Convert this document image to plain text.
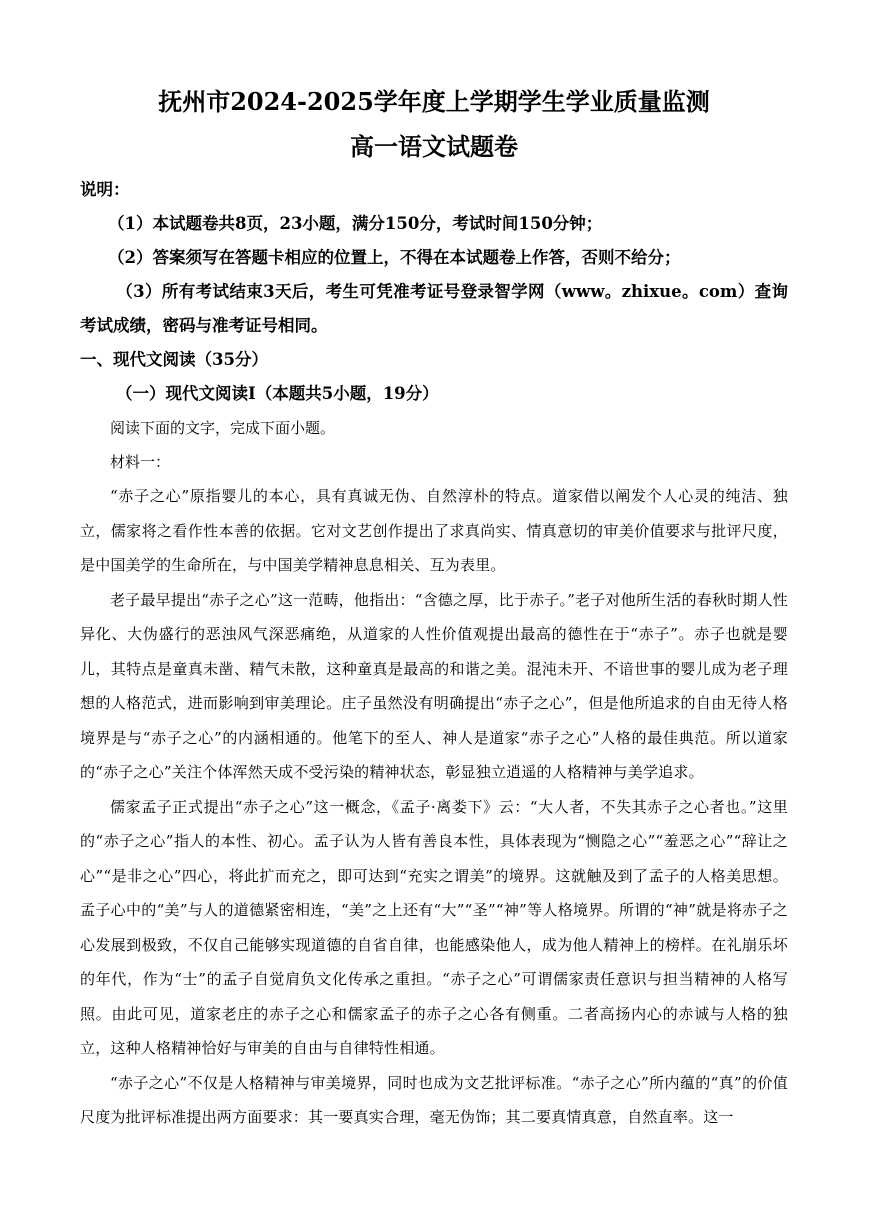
抚州市2024-2025学年度上学期学生学业质量监测
高一语文试题卷

说明：

（1）本试题卷共8页，23小题，满分150分，考试时间150分钟；

（2）答案须写在答题卡相应的位置上，不得在本试题卷上作答，否则不给分；

（3）所有考试结束3天后，考生可凭准考证号登录智学网（www。zhixue。com）查询考试成绩，密码与准考证号相同。

一、现代文阅读（35分）

（一）现代文阅读Ⅰ（本题共5小题，19分）

阅读下面的文字，完成下面小题。

材料一：

“赤子之心”原指婴儿的本心，具有真诚无伪、自然淳朴的特点。道家借以阐发个人心灵的纯洁、独立，儒家将之看作性本善的依据。它对文艺创作提出了求真尚实、情真意切的审美价值要求与批评尺度，是中国美学的生命所在，与中国美学精神息息相关、互为表里。

老子最早提出“赤子之心”这一范畴，他指出：“含德之厚，比于赤子。”老子对他所生活的春秋时期人性异化、大伪盛行的恶浊风气深恶痛绝，从道家的人性价值观提出最高的德性在于“赤子”。赤子也就是婴儿，其特点是童真未凿、精气未散，这种童真是最高的和谐之美。混沌未开、不谙世事的婴儿成为老子理想的人格范式，进而影响到审美理论。庄子虽然没有明确提出“赤子之心”，但是他所追求的自由无待人格境界是与“赤子之心”的内涵相通的。他笔下的至人、神人是道家“赤子之心”人格的最佳典范。所以道家的“赤子之心”关注个体浑然天成不受污染的精神状态，彰显独立逍遥的人格精神与美学追求。

儒家孟子正式提出“赤子之心”这一概念，《孟子·离娄下》云：“大人者，不失其赤子之心者也。”这里的“赤子之心”指人的本性、初心。孟子认为人皆有善良本性，具体表现为“恻隐之心”“羞恶之心”“辞让之心”“是非之心”四心，将此扩而充之，即可达到“充实之谓美”的境界。这就触及到了孟子的人格美思想。孟子心中的“美”与人的道德紧密相连，“美”之上还有“大”“圣”“神”等人格境界。所谓的“神”就是将赤子之心发展到极致，不仅自己能够实现道德的自省自律，也能感染他人，成为他人精神上的榜样。在礼崩乐坏的年代，作为“士”的孟子自觉肩负文化传承之重担。“赤子之心”可谓儒家责任意识与担当精神的人格写照。由此可见，道家老庄的赤子之心和儒家孟子的赤子之心各有侧重。二者高扬内心的赤诚与人格的独立，这种人格精神恰好与审美的自由与自律特性相通。

“赤子之心”不仅是人格精神与审美境界，同时也成为文艺批评标准。“赤子之心”所内蕴的“真”的价值尺度为批评标准提出两方面要求：其一要真实合理，毫无伪饰；其二要真情真意，自然直率。这一
